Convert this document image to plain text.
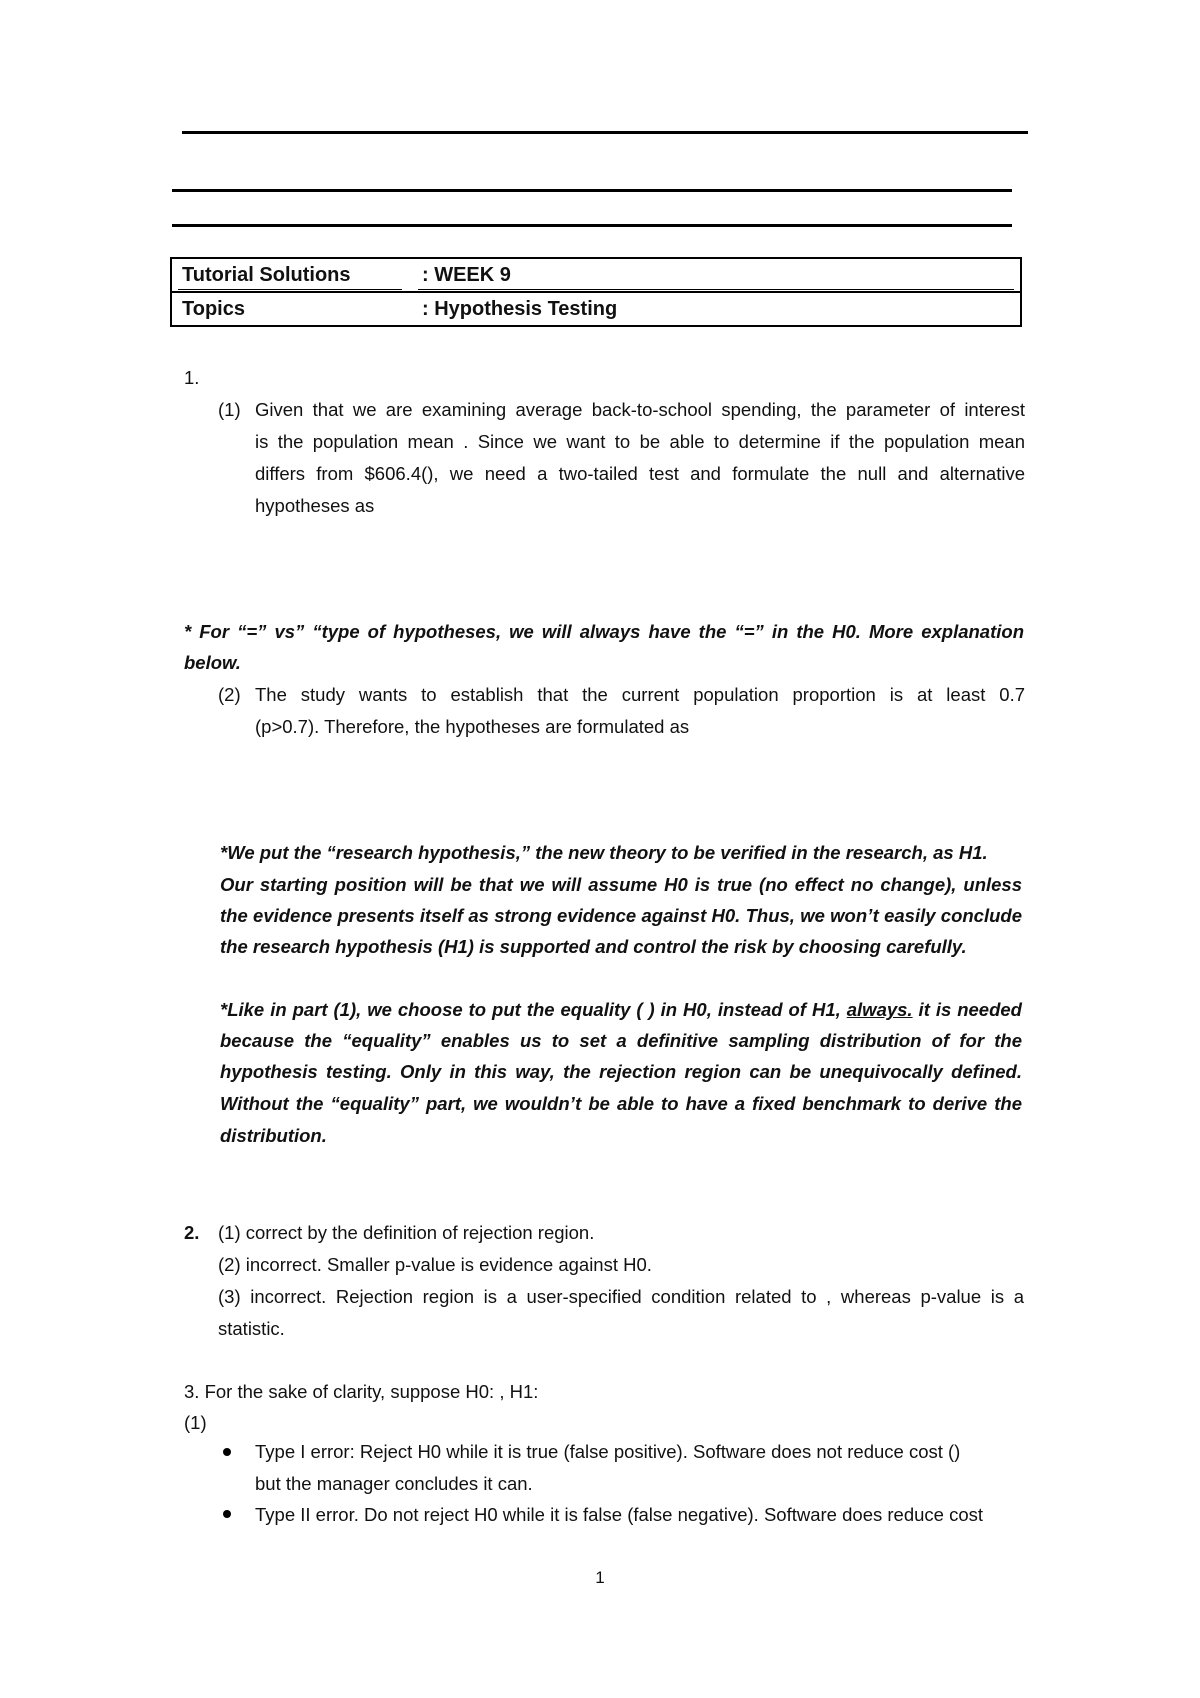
Tutorial Solutions	: WEEK 9
Topics	: Hypothesis Testing
1.
(1) Given that we are examining average back-to-school spending, the parameter of interest
is the population mean . Since we want to be able to determine if the population mean
differs from $606.4(), we need a two-tailed test and formulate the null and alternative
hypotheses as
* For “=” vs” “type of hypotheses, we will always have the “=” in the H0. More explanation
below.
(2) The study wants to establish that the current population proportion is at least 0.7
(p>0.7). Therefore, the hypotheses are formulated as
*We put the “research hypothesis,” the new theory to be verified in the research, as H1.
Our starting position will be that we will assume H0 is true (no effect no change), unless
the evidence presents itself as strong evidence against H0. Thus, we won’t easily conclude
the research hypothesis (H1) is supported and control the risk by choosing carefully.
*Like in part (1), we choose to put the equality ( ) in H0, instead of H1, always. it is needed
because the “equality” enables us to set a definitive sampling distribution of for the
hypothesis testing. Only in this way, the rejection region can be unequivocally defined.
Without the “equality” part, we wouldn’t be able to have a fixed benchmark to derive the
distribution.
2. (1) correct by the definition of rejection region.
(2) incorrect. Smaller p-value is evidence against H0.
(3) incorrect. Rejection region is a user-specified condition related to , whereas p-value is a
statistic.
3. For the sake of clarity, suppose H0: , H1:
(1)
Type I error: Reject H0 while it is true (false positive). Software does not reduce cost ()
but the manager concludes it can.
Type II error. Do not reject H0 while it is false (false negative). Software does reduce cost
1
